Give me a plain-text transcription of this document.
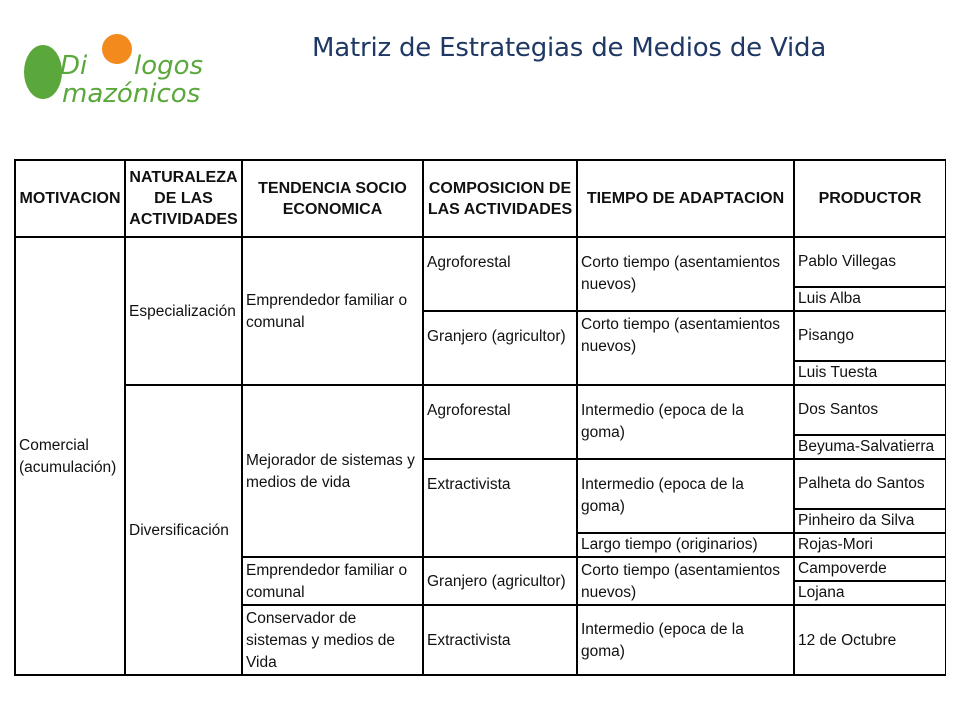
Di logos
mazónicos
Matriz de Estrategias de Medios de Vida
MOTIVACION	NATURALEZA DE LAS ACTIVIDADES	TENDENCIA SOCIO ECONOMICA	COMPOSICION DE LAS ACTIVIDADES	TIEMPO DE ADAPTACION	PRODUCTOR
Comercial (acumulación)	Especialización	Emprendedor familiar o comunal	Agroforestal	Corto tiempo (asentamientos nuevos)	Pablo Villegas
					Luis Alba
			Granjero (agricultor)	Corto tiempo (asentamientos nuevos)	Pisango
					Luis Tuesta
	Diversificación	Mejorador de sistemas y medios de vida	Agroforestal	Intermedio (epoca de la goma)	Dos Santos
					Beyuma-Salvatierra
			Extractivista	Intermedio (epoca de la goma)	Palheta do Santos
					Pinheiro da Silva
				Largo tiempo (originarios)	Rojas-Mori
		Emprendedor familiar o comunal	Granjero (agricultor)	Corto tiempo (asentamientos nuevos)	Campoverde
					Lojana
		Conservador de sistemas y medios de Vida	Extractivista	Intermedio (epoca de la goma)	12 de Octubre
